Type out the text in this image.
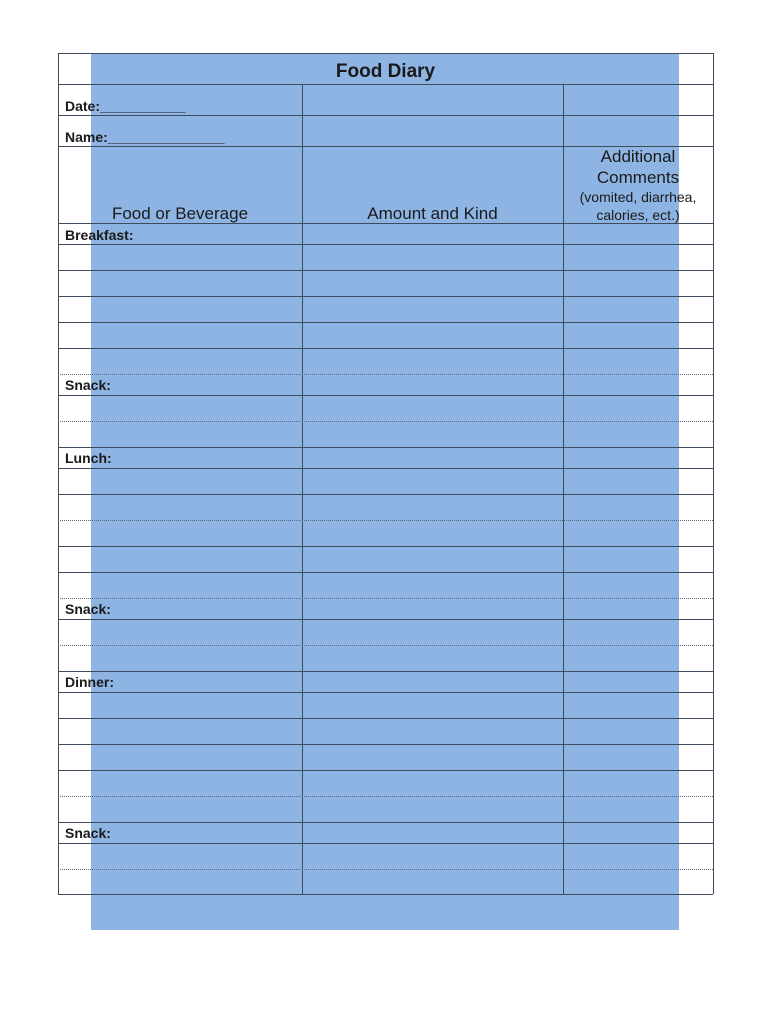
Food Diary
Date:___________
Name:_______________
Food or Beverage	Amount and Kind
Additional
Comments
(vomited, diarrhea,
calories, ect.)
Breakfast:
Snack:
Lunch:
Snack:
Dinner:
Snack:
